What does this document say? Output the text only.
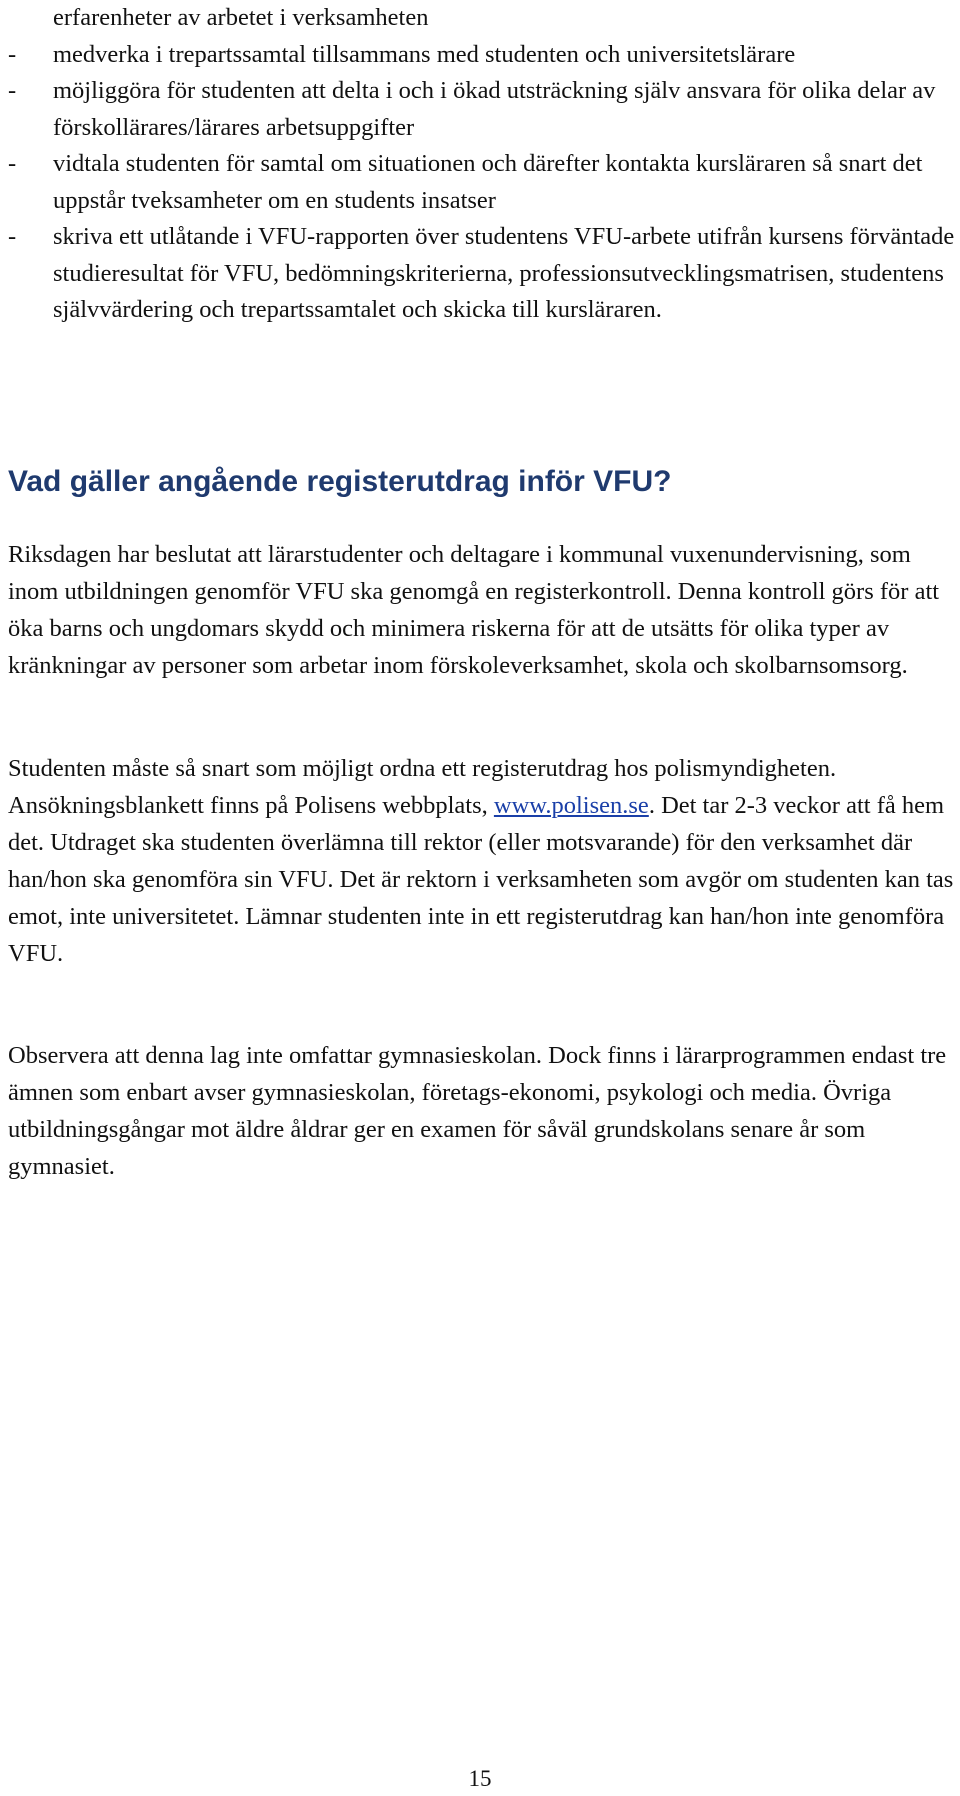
erfarenheter av arbetet i verksamheten
-	medverka i trepartssamtal tillsammans med studenten och universitetslärare
-	möjliggöra för studenten att delta i och i ökad utsträckning själv ansvara för olika delar av förskollärares/lärares arbetsuppgifter
-	vidtala studenten för samtal om situationen och därefter kontakta kursläraren så snart det uppstår tveksamheter om en students insatser
-	skriva ett utlåtande i VFU-rapporten över studentens VFU-arbete utifrån kursens förväntade studieresultat för VFU, bedömningskriterierna, professionsutvecklingsmatrisen, studentens självvärdering och trepartssamtalet och skicka till kursläraren.
Vad gäller angående registerutdrag inför VFU?

Riksdagen har beslutat att lärarstudenter och deltagare i kommunal vuxenundervisning, som inom utbildningen genomför VFU ska genomgå en registerkontroll. Denna kontroll görs för att öka barns och ungdomars skydd och minimera riskerna för att de utsätts för olika typer av kränkningar av personer som arbetar inom förskoleverksamhet, skola och skolbarnsomsorg.

Studenten måste så snart som möjligt ordna ett registerutdrag hos polismyndigheten. Ansökningsblankett finns på Polisens webbplats, www.polisen.se. Det tar 2-3 veckor att få hem det. Utdraget ska studenten överlämna till rektor (eller motsvarande) för den verksamhet där han/hon ska genomföra sin VFU. Det är rektorn i verksamheten som avgör om studenten kan tas emot, inte universitetet. Lämnar studenten inte in ett registerutdrag kan han/hon inte genomföra VFU.

Observera att denna lag inte omfattar gymnasieskolan. Dock finns i lärarprogrammen endast tre ämnen som enbart avser gymnasieskolan, företags-ekonomi, psykologi och media. Övriga utbildningsgångar mot äldre åldrar ger en examen för såväl grundskolans senare år som gymnasiet.

15
